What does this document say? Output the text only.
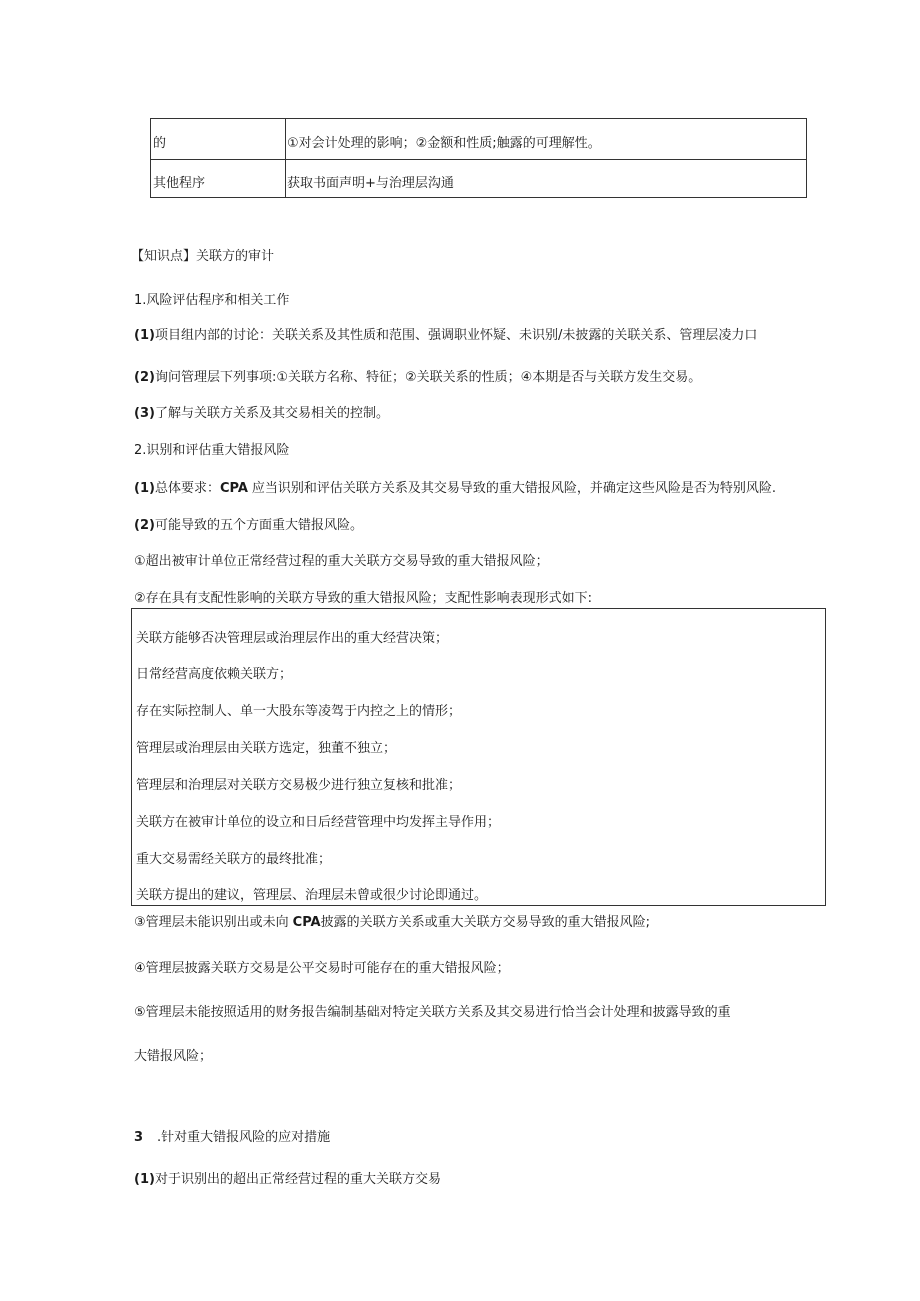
的	①对会计处理的影响；②金额和性质;触露的可理解性。
其他程序	获取书面声明+与治理层沟通
【知识点】关联方的审计
1.风险评估程序和相关工作
(1)项目组内部的讨论：关联关系及其性质和范围、强调职业怀疑、未识别/未披露的关联关系、管理层凌力口
(2)询问管理层下列事项:①关联方名称、特征；②关联关系的性质；④本期是否与关联方发生交易。
(3)了解与关联方关系及其交易相关的控制。
2.识别和评估重大错报风险
(1)总体要求：CPA 应当识别和评估关联方关系及其交易导致的重大错报风险，并确定这些风险是否为特别风险.
(2)可能导致的五个方面重大错报风险。
①超出被审计单位正常经营过程的重大关联方交易导致的重大错报风险；
②存在具有支配性影响的关联方导致的重大错报风险；支配性影响表现形式如下:
关联方能够否决管理层或治理层作出的重大经营决策；
日常经营高度依赖关联方；
存在实际控制人、单一大股东等凌驾于内控之上的情形；
管理层或治理层由关联方选定，独董不独立；
管理层和治理层对关联方交易极少进行独立复核和批准；
关联方在被审计单位的设立和日后经营管理中均发挥主导作用；
重大交易需经关联方的最终批准；
关联方提出的建议，管理层、治理层未曾或很少讨论即通过。
③管理层未能识别出或未向 CPA披露的关联方关系或重大关联方交易导致的重大错报风险;
④管理层披露关联方交易是公平交易时可能存在的重大错报风险；
⑤管理层未能按照适用的财务报告编制基础对特定关联方关系及其交易进行恰当会计处理和披露导致的重
大错报风险；
3 .针对重大错报风险的应对措施
(1)对于识别出的超出正常经营过程的重大关联方交易
